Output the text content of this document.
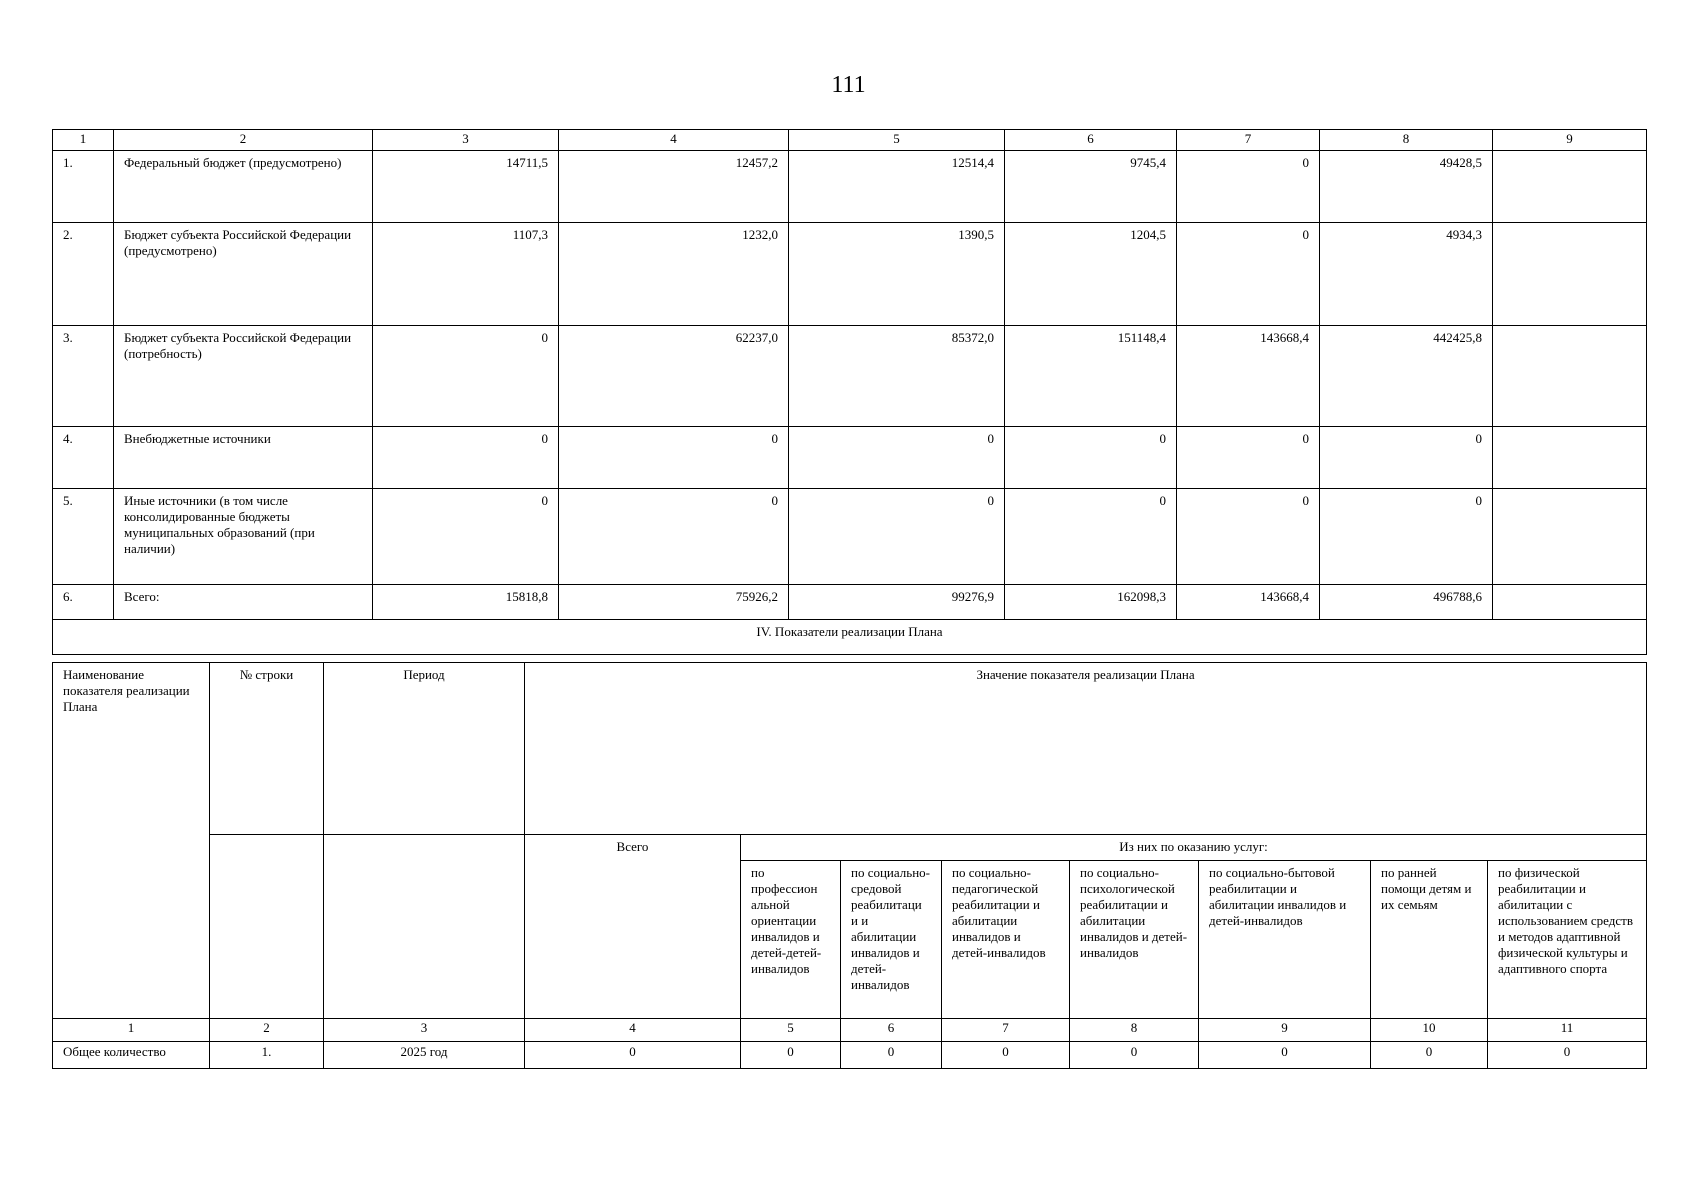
111
1	2	3	4	5	6	7	8	9
1.	Федеральный бюджет (предусмотрено)	14711,5	12457,2	12514,4	9745,4	0	49428,5	
2.	Бюджет субъекта Российской Федерации (предусмотрено)	1107,3	1232,0	1390,5	1204,5	0	4934,3	
3.	Бюджет субъекта Российской Федерации (потребность)	0	62237,0	85372,0	151148,4	143668,4	442425,8	
4.	Внебюджетные источники	0	0	0	0	0	0	
5.	Иные источники (в том числе консолидированные бюджеты муниципальных образований (при наличии)	0	0	0	0	0	0	
6.	Всего:	15818,8	75926,2	99276,9	162098,3	143668,4	496788,6	
IV. Показатели реализации Плана								
Наименование показателя реализации Плана	№ строки	Период	Значение показателя реализации Плана							
			Всего	Из них по оказанию услуг:						
				по профессион альной ориентации инвалидов и детей-детей-инвалидов	по социально-средовой реабилитаци и и абилитации инвалидов и детей-инвалидов	по социально-педагогической реабилитации и абилитации инвалидов и детей-инвалидов	по социально-психологической реабилитации и абилитации инвалидов и детей-инвалидов	по социально-бытовой реабилитации и абилитации инвалидов и детей-инвалидов	по ранней помощи детям и их семьям	по физической реабилитации и абилитации с использованием средств и методов адаптивной физической культуры и адаптивного спорта
1	2	3	4	5	6	7	8	9	10	11
Общее количество	1.	2025 год	0	0	0	0	0	0	0	0
